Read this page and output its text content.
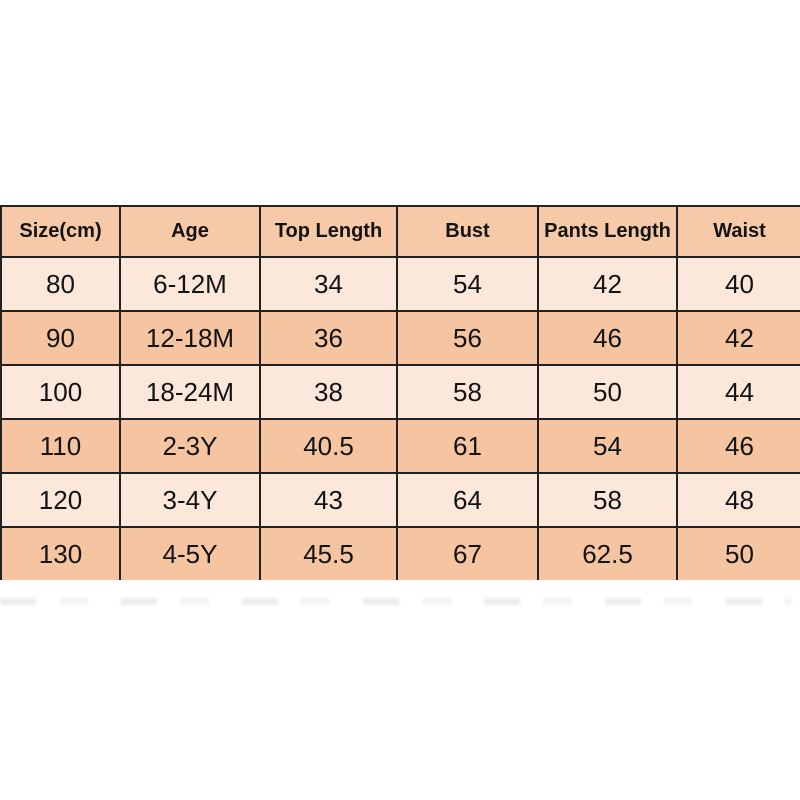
Size(cm)	Age	Top Length	Bust	Pants Length	Waist
80	6-12M	34	54	42	40
90	12-18M	36	56	46	42
100	18-24M	38	58	50	44
110	2-3Y	40.5	61	54	46
120	3-4Y	43	64	58	48
130	4-5Y	45.5	67	62.5	50
